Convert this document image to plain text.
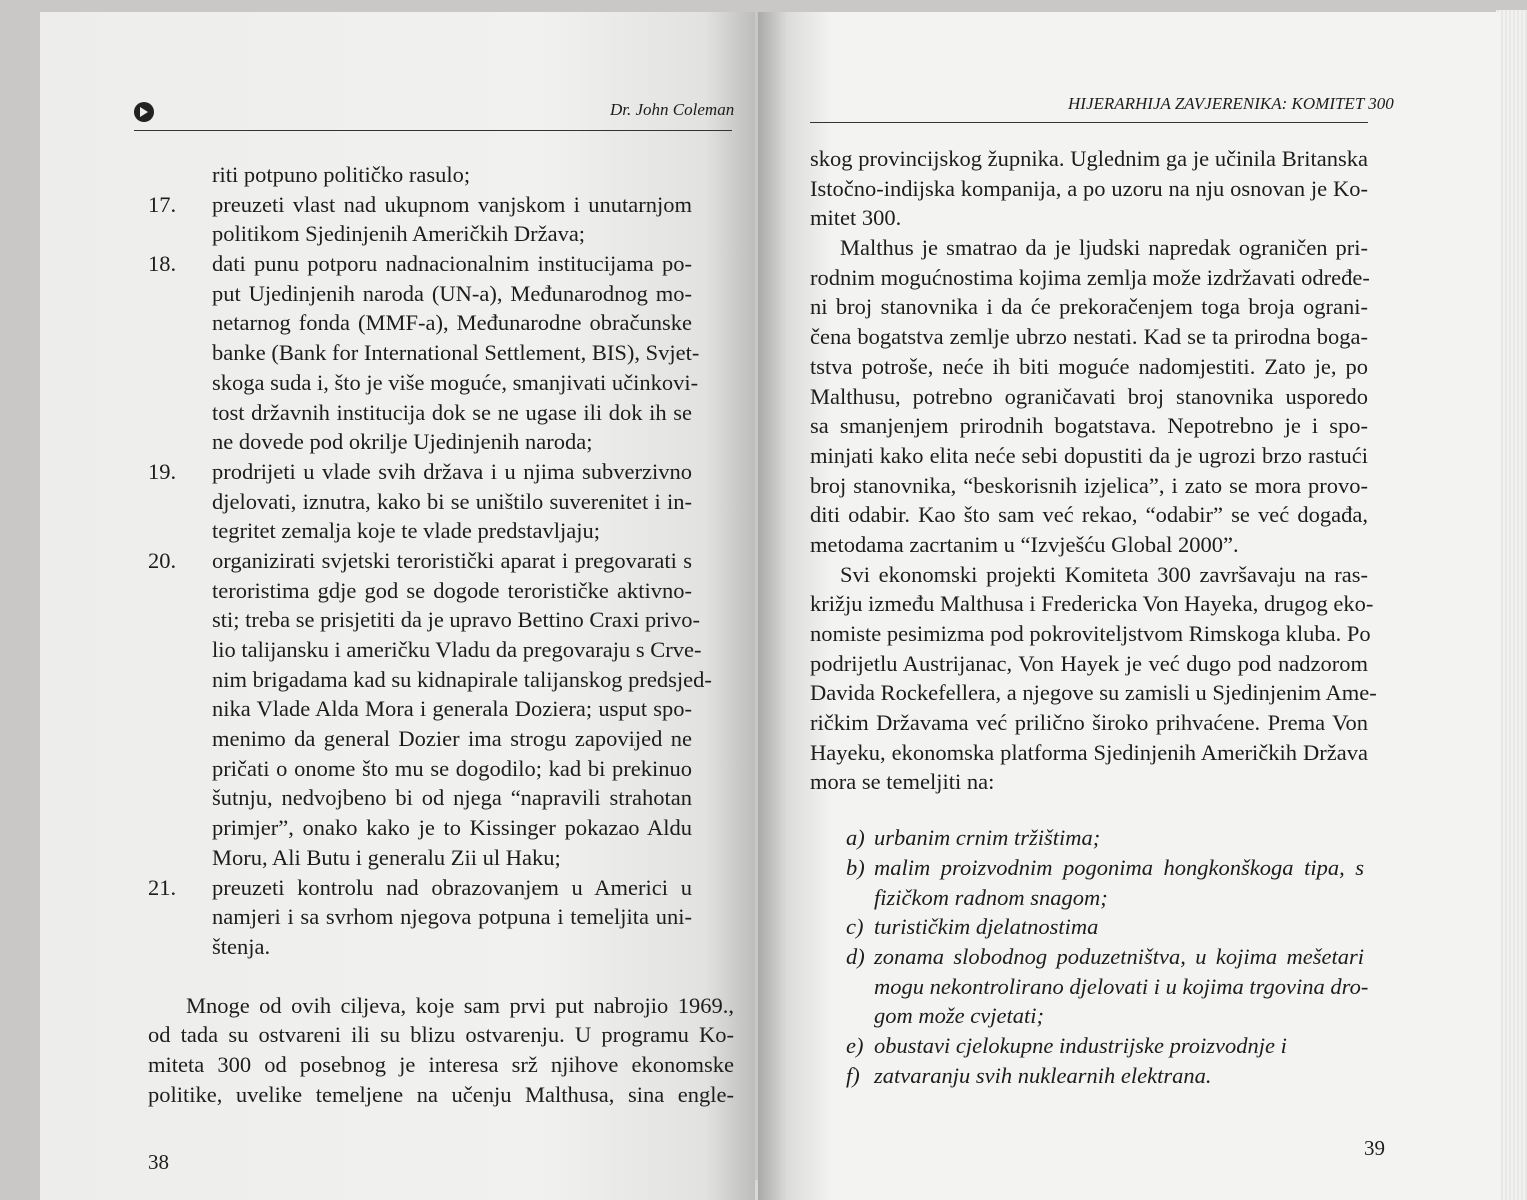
Dr. John Coleman
riti potpuno političko rasulo;
17.	preuzeti vlast nad ukupnom vanjskom i unutarnjom
politikom Sjedinjenih Američkih Država;
18.	dati punu potporu nadnacionalnim institucijama po-
put Ujedinjenih naroda (UN-a), Međunarodnog mo-
netarnog fonda (MMF-a), Međunarodne obračunske
banke (Bank for International Settlement, BIS), Svjet-
skoga suda i, što je više moguće, smanjivati učinkovi-
tost državnih institucija dok se ne ugase ili dok ih se
ne dovede pod okrilje Ujedinjenih naroda;
19.	prodrijeti u vlade svih država i u njima subverzivno
djelovati, iznutra, kako bi se uništilo suverenitet i in-
tegritet zemalja koje te vlade predstavljaju;
20.	organizirati svjetski teroristički aparat i pregovarati s
teroristima gdje god se dogode terorističke aktivno-
sti; treba se prisjetiti da je upravo Bettino Craxi privo-
lio talijansku i američku Vladu da pregovaraju s Crve-
nim brigadama kad su kidnapirale talijanskog predsjed-
nika Vlade Alda Mora i generala Doziera; usput spo-
menimo da general Dozier ima strogu zapovijed ne
pričati o onome što mu se dogodilo; kad bi prekinuo
šutnju, nedvojbeno bi od njega “napravili strahotan
primjer”, onako kako je to Kissinger pokazao Aldu
Moru, Ali Butu i generalu Zii ul Haku;
21.	preuzeti kontrolu nad obrazovanjem u Americi u
namjeri i sa svrhom njegova potpuna i temeljita uni-
štenja.
Mnoge od ovih ciljeva, koje sam prvi put nabrojio 1969.,
od tada su ostvareni ili su blizu ostvarenju. U programu Ko-
miteta 300 od posebnog je interesa srž njihove ekonomske
politike, uvelike temeljene na učenju Malthusa, sina engle-
38
HIJERARHIJA ZAVJERENIKA: KOMITET 300
skog provincijskog župnika. Uglednim ga je učinila Britanska
Istočno-indijska kompanija, a po uzoru na nju osnovan je Ko-
mitet 300.
Malthus je smatrao da je ljudski napredak ograničen pri-
rodnim mogućnostima kojima zemlja može izdržavati određe-
ni broj stanovnika i da će prekoračenjem toga broja ograni-
čena bogatstva zemlje ubrzo nestati. Kad se ta prirodna boga-
tstva potroše, neće ih biti moguće nadomjestiti. Zato je, po
Malthusu, potrebno ograničavati broj stanovnika usporedo
sa smanjenjem prirodnih bogatstava. Nepotrebno je i spo-
minjati kako elita neće sebi dopustiti da je ugrozi brzo rastući
broj stanovnika, “beskorisnih izjelica”, i zato se mora provo-
diti odabir. Kao što sam već rekao, “odabir” se već događa,
metodama zacrtanim u “Izvješću Global 2000”.
Svi ekonomski projekti Komiteta 300 završavaju na ras-
križju između Malthusa i Fredericka Von Hayeka, drugog eko-
nomiste pesimizma pod pokroviteljstvom Rimskoga kluba. Po
podrijetlu Austrijanac, Von Hayek je već dugo pod nadzorom
Davida Rockefellera, a njegove su zamisli u Sjedinjenim Ame-
ričkim Državama već prilično široko prihvaćene. Prema Von
Hayeku, ekonomska platforma Sjedinjenih Američkih Država
mora se temeljiti na:
a) urbanim crnim tržištima;
b) malim proizvodnim pogonima hongkonškoga tipa, s
fizičkom radnom snagom;
c) turističkim djelatnostima
d) zonama slobodnog poduzetništva, u kojima mešetari
mogu nekontrolirano djelovati i u kojima trgovina dro-
gom može cvjetati;
e) obustavi cjelokupne industrijske proizvodnje i
f) zatvaranju svih nuklearnih elektrana.
39
